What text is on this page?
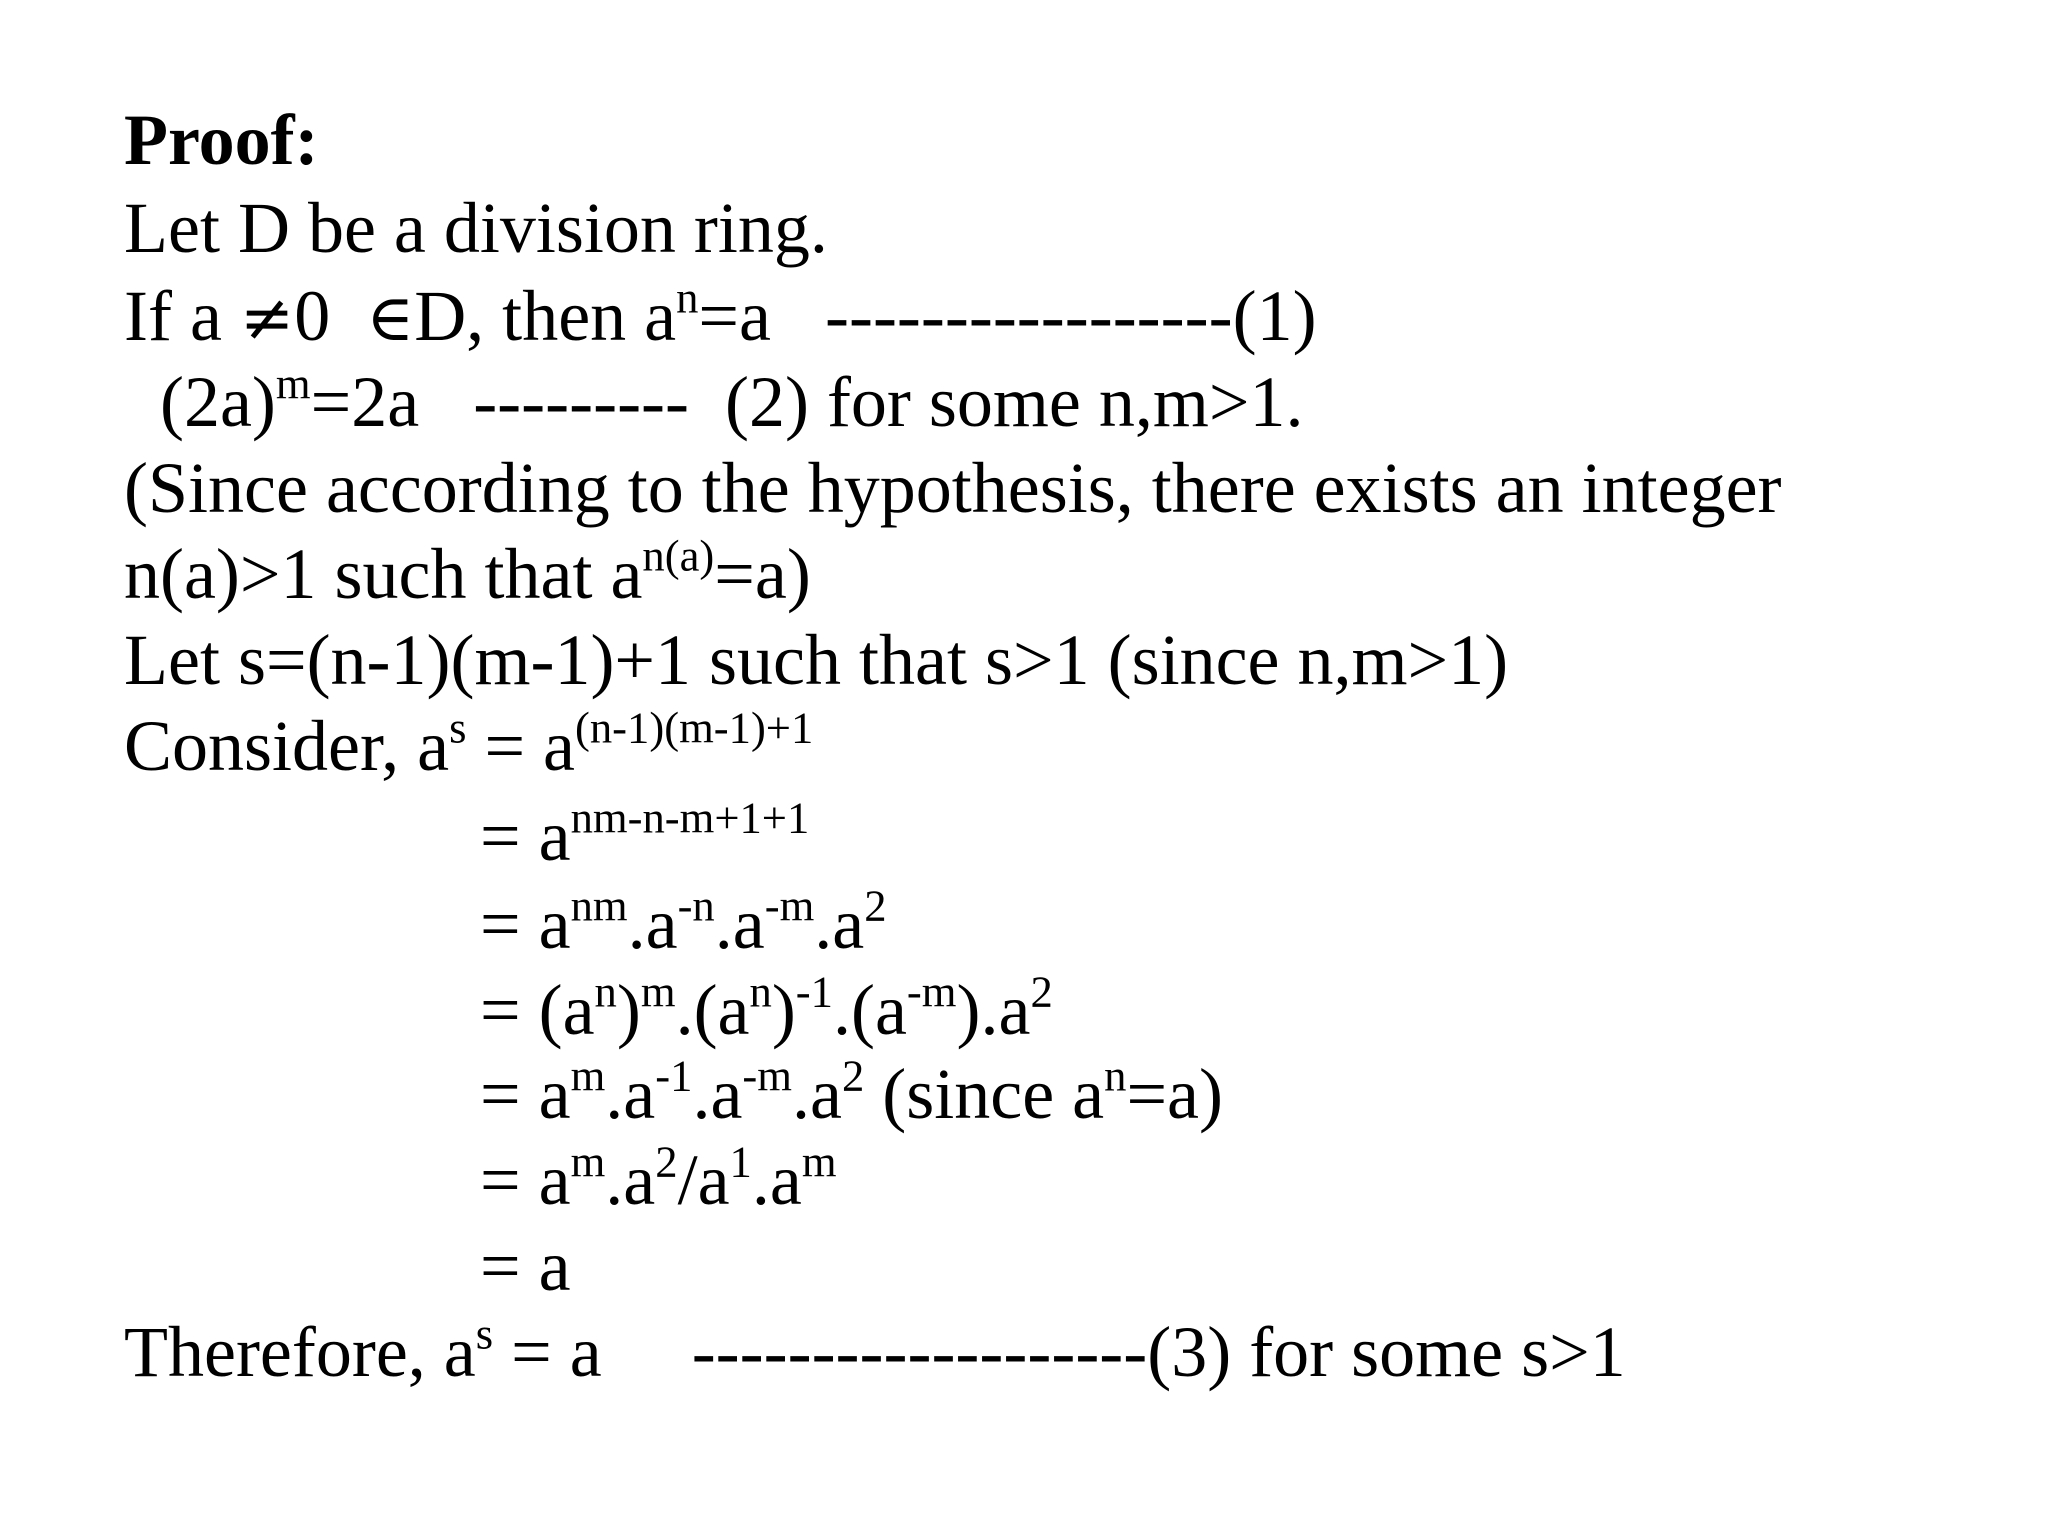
Proof:
Let D be a division ring.
If a ≠0  ∈D, then $a^n=a$   -----------------(1)
$(2a)^m=2a$   ---------  (2) for some n,m>1.
(Since according to the hypothesis, there exists an integer
n(a)>1 such that $a^{n(a)}=a$)
Let s=(n-1)(m-1)+1 such that s>1 (since n,m>1)
Consider, $a^s = a^{(n-1)(m-1)+1}$
= $a^{nm-n-m+1+1}$
= $a^{nm}.a^{-n}.a^{-m}.a^2$
= $(a^n)^m.(a^n)^{-1}.(a^{-m}).a^2$
= $a^m.a^{-1}.a^{-m}.a^2$ (since $a^n=a$)
= $a^m.a^2/a^1.a^m$
= a
Therefore, $a^s = a$     -------------------(3) for some s>1
